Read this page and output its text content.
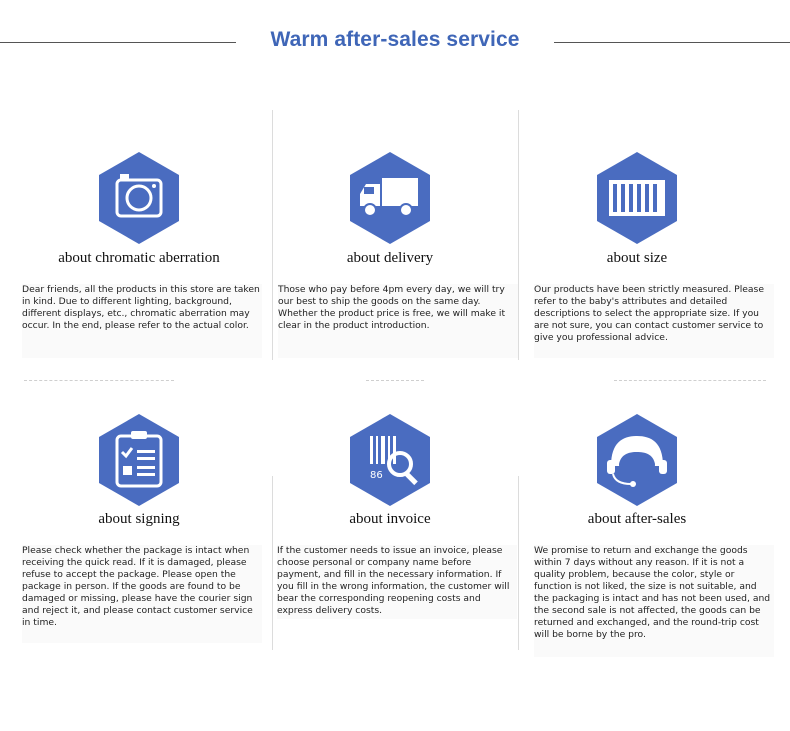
Warm after-sales service
about chromatic aberration
Dear friends, all the products in this store are taken in kind. Due to different lighting, background, different displays, etc., chromatic aberration may occur. In the end, please refer to the actual color.
about delivery
Those who pay before 4pm every day, we will try our best to ship the goods on the same day. Whether the product price is free, we will make it clear in the product introduction.
about size
Our products have been strictly measured. Please refer to the baby's attributes and detailed descriptions to select the appropriate size. If you are not sure, you can contact customer service to give you professional advice.
about signing
Please check whether the package is intact when receiving the quick read. If it is damaged, please refuse to accept the package. Please open the package in person. If the goods are found to be damaged or missing, please have the courier sign and reject it, and please contact customer service in time.
86
about invoice
If the customer needs to issue an invoice, please choose personal or company name before payment, and fill in the necessary information. If you fill in the wrong information, the customer will bear the corresponding reopening costs and express delivery costs.
about after-sales
We promise to return and exchange the goods within 7 days without any reason. If it is not a quality problem, because the color, style or function is not liked, the size is not suitable, and the packaging is intact and has not been used, and the second sale is not affected, the goods can be returned and exchanged, and the round-trip cost will be borne by the pro.
